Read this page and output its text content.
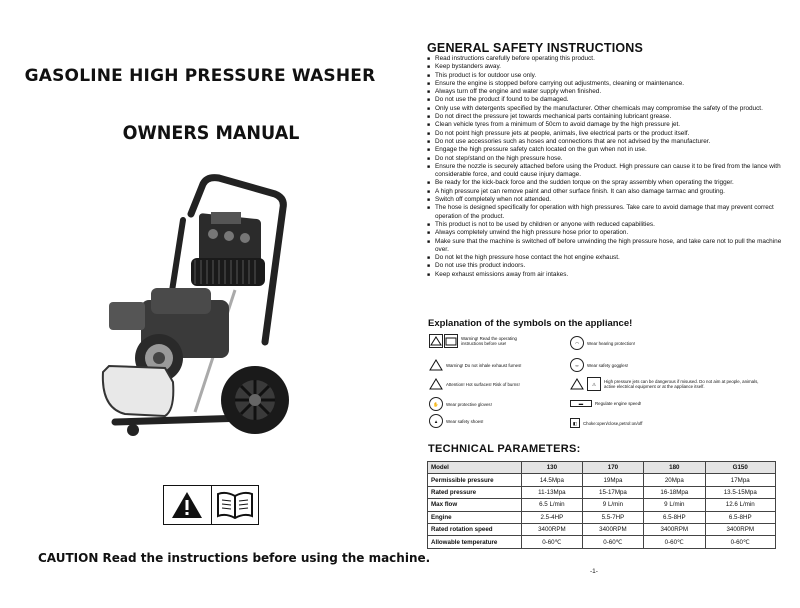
GASOLINE HIGH PRESSURE WASHER
OWNERS MANUAL
CAUTION Read the instructions before using the machine.
GENERAL SAFETY INSTRUCTIONS
■ Read instructions carefully before operating this product.
■ Keep bystanders away.
■ This product is for outdoor use only.
■ Ensure the engine is stopped before carrying out adjustments, cleaning or maintenance.
■ Always turn off the engine and water supply when finished.
■ Do not use the product if found to be damaged.
■ Only use with detergents specified by the manufacturer. Other chemicals may compromise the safety of the product.
■ Do not direct the pressure jet towards mechanical parts containing lubricant grease.
■ Clean vehicle tyres from a minimum of 50cm to avoid damage by the high pressure jet.
■ Do not point high pressure jets at people, animals, live electrical parts or the product itself.
■ Do not use accessories such as hoses and connections that are not advised by the manufacturer.
■ Engage the high pressure safety catch located on the gun when not in use.
■ Do not step/stand on the high pressure hose.
■ Ensure the nozzle is securely attached before using the Product. High pressure can cause it to be fired from the lance with considerable force, and could cause injury damage.
■ Be ready for the kick-back force and the sudden torque on the spray assembly when operating the trigger.
■ A high pressure jet can remove paint and other surface finish. It can also damage tarmac and grouting.
■ Switch off completely when not attended.
■ The hose is designed specifically for operation with high pressures. Take care to avoid damage that may prevent correct operation of the product.
■ This product is not to be used by children or anyone with reduced capabilities.
■ Always completely unwind the high pressure hose prior to operation.
■ Make sure that the machine is switched off before unwinding the high pressure hose, and take care not to pull the machine over.
■ Do not let the high pressure hose contact the hot engine exhaust.
■ Do not use this product indoors.
■ Keep exhaust emissions away from air intakes.
Explanation of the symbols on the appliance!
Warning! Read the operating instructions before use!	◠	Wear hearing protection!
Warning! Do not inhale exhaust fumes!	∞	Wear safety goggles!
Attention! Hot surfaces! Risk of burns!	⚠	High pressure jets can be dangerous if misused. Do not aim at people, animals, active electrical equipment or at the appliance itself.
✋	Wear protective gloves!	▬	Regulate engine speed!
▲	Wear safety shoes!	◧	Choke:open/close,petrol:on/off
TECHNICAL PARAMETERS:
Model	130	170	180	G150
Permissible pressure	14.5Mpa	19Mpa	20Mpa	17Mpa
Rated pressure	11-13Mpa	15-17Mpa	16-18Mpa	13.5-15Mpa
Max flow	6.5 L/min	9 L/min	9 L/min	12.6 L/min
Engine	2.5-4HP	5.5-7HP	6.5-8HP	6.5-8HP
Rated rotation speed	3400RPM	3400RPM	3400RPM	3400RPM
Allowable temperature	0-60℃	0-60℃	0-60℃	0-60℃
-1-
